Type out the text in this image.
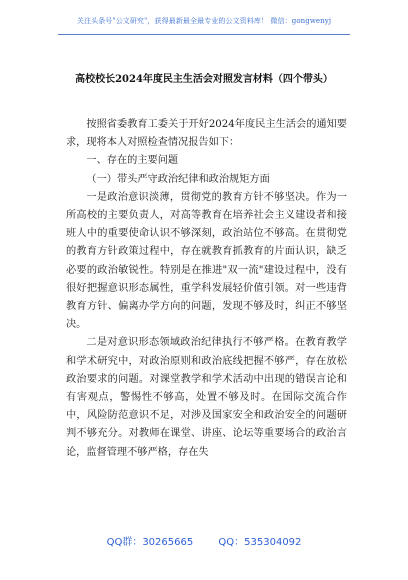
关注头条号"公文研究"，获得最新最全最专业的公文资料库！ 微信：gongwenyj
高校校长2024年度民主生活会对照发言材料（四个带头）

按照省委教育工委关于开好2024年度民主生活会的通知要求，现将本人对照检查情况报告如下：

一、存在的主要问题

（一）带头严守政治纪律和政治规矩方面

一是政治意识淡薄，贯彻党的教育方针不够坚决。作为一所高校的主要负责人，对高等教育在培养社会主义建设者和接班人中的重要使命认识不够深刻，政治站位不够高。在贯彻党的教育方针政策过程中，存在就教育抓教育的片面认识，缺乏必要的政治敏锐性。特别是在推进"双一流"建设过程中，没有很好把握意识形态属性，重学科发展轻价值引领。对一些违背教育方针、偏离办学方向的问题，发现不够及时，纠正不够坚决。

二是对意识形态领域政治纪律执行不够严格。在教育教学和学术研究中，对政治原则和政治底线把握不够严，存在放松政治要求的问题。对课堂教学和学术活动中出现的错误言论和有害观点，警惕性不够高，处置不够及时。在国际交流合作中，风险防范意识不足，对涉及国家安全和政治安全的问题研判不够充分。对教师在课堂、讲座、论坛等重要场合的政治言论，监督管理不够严格，存在失

QQ群：30265665	QQ：535304092
